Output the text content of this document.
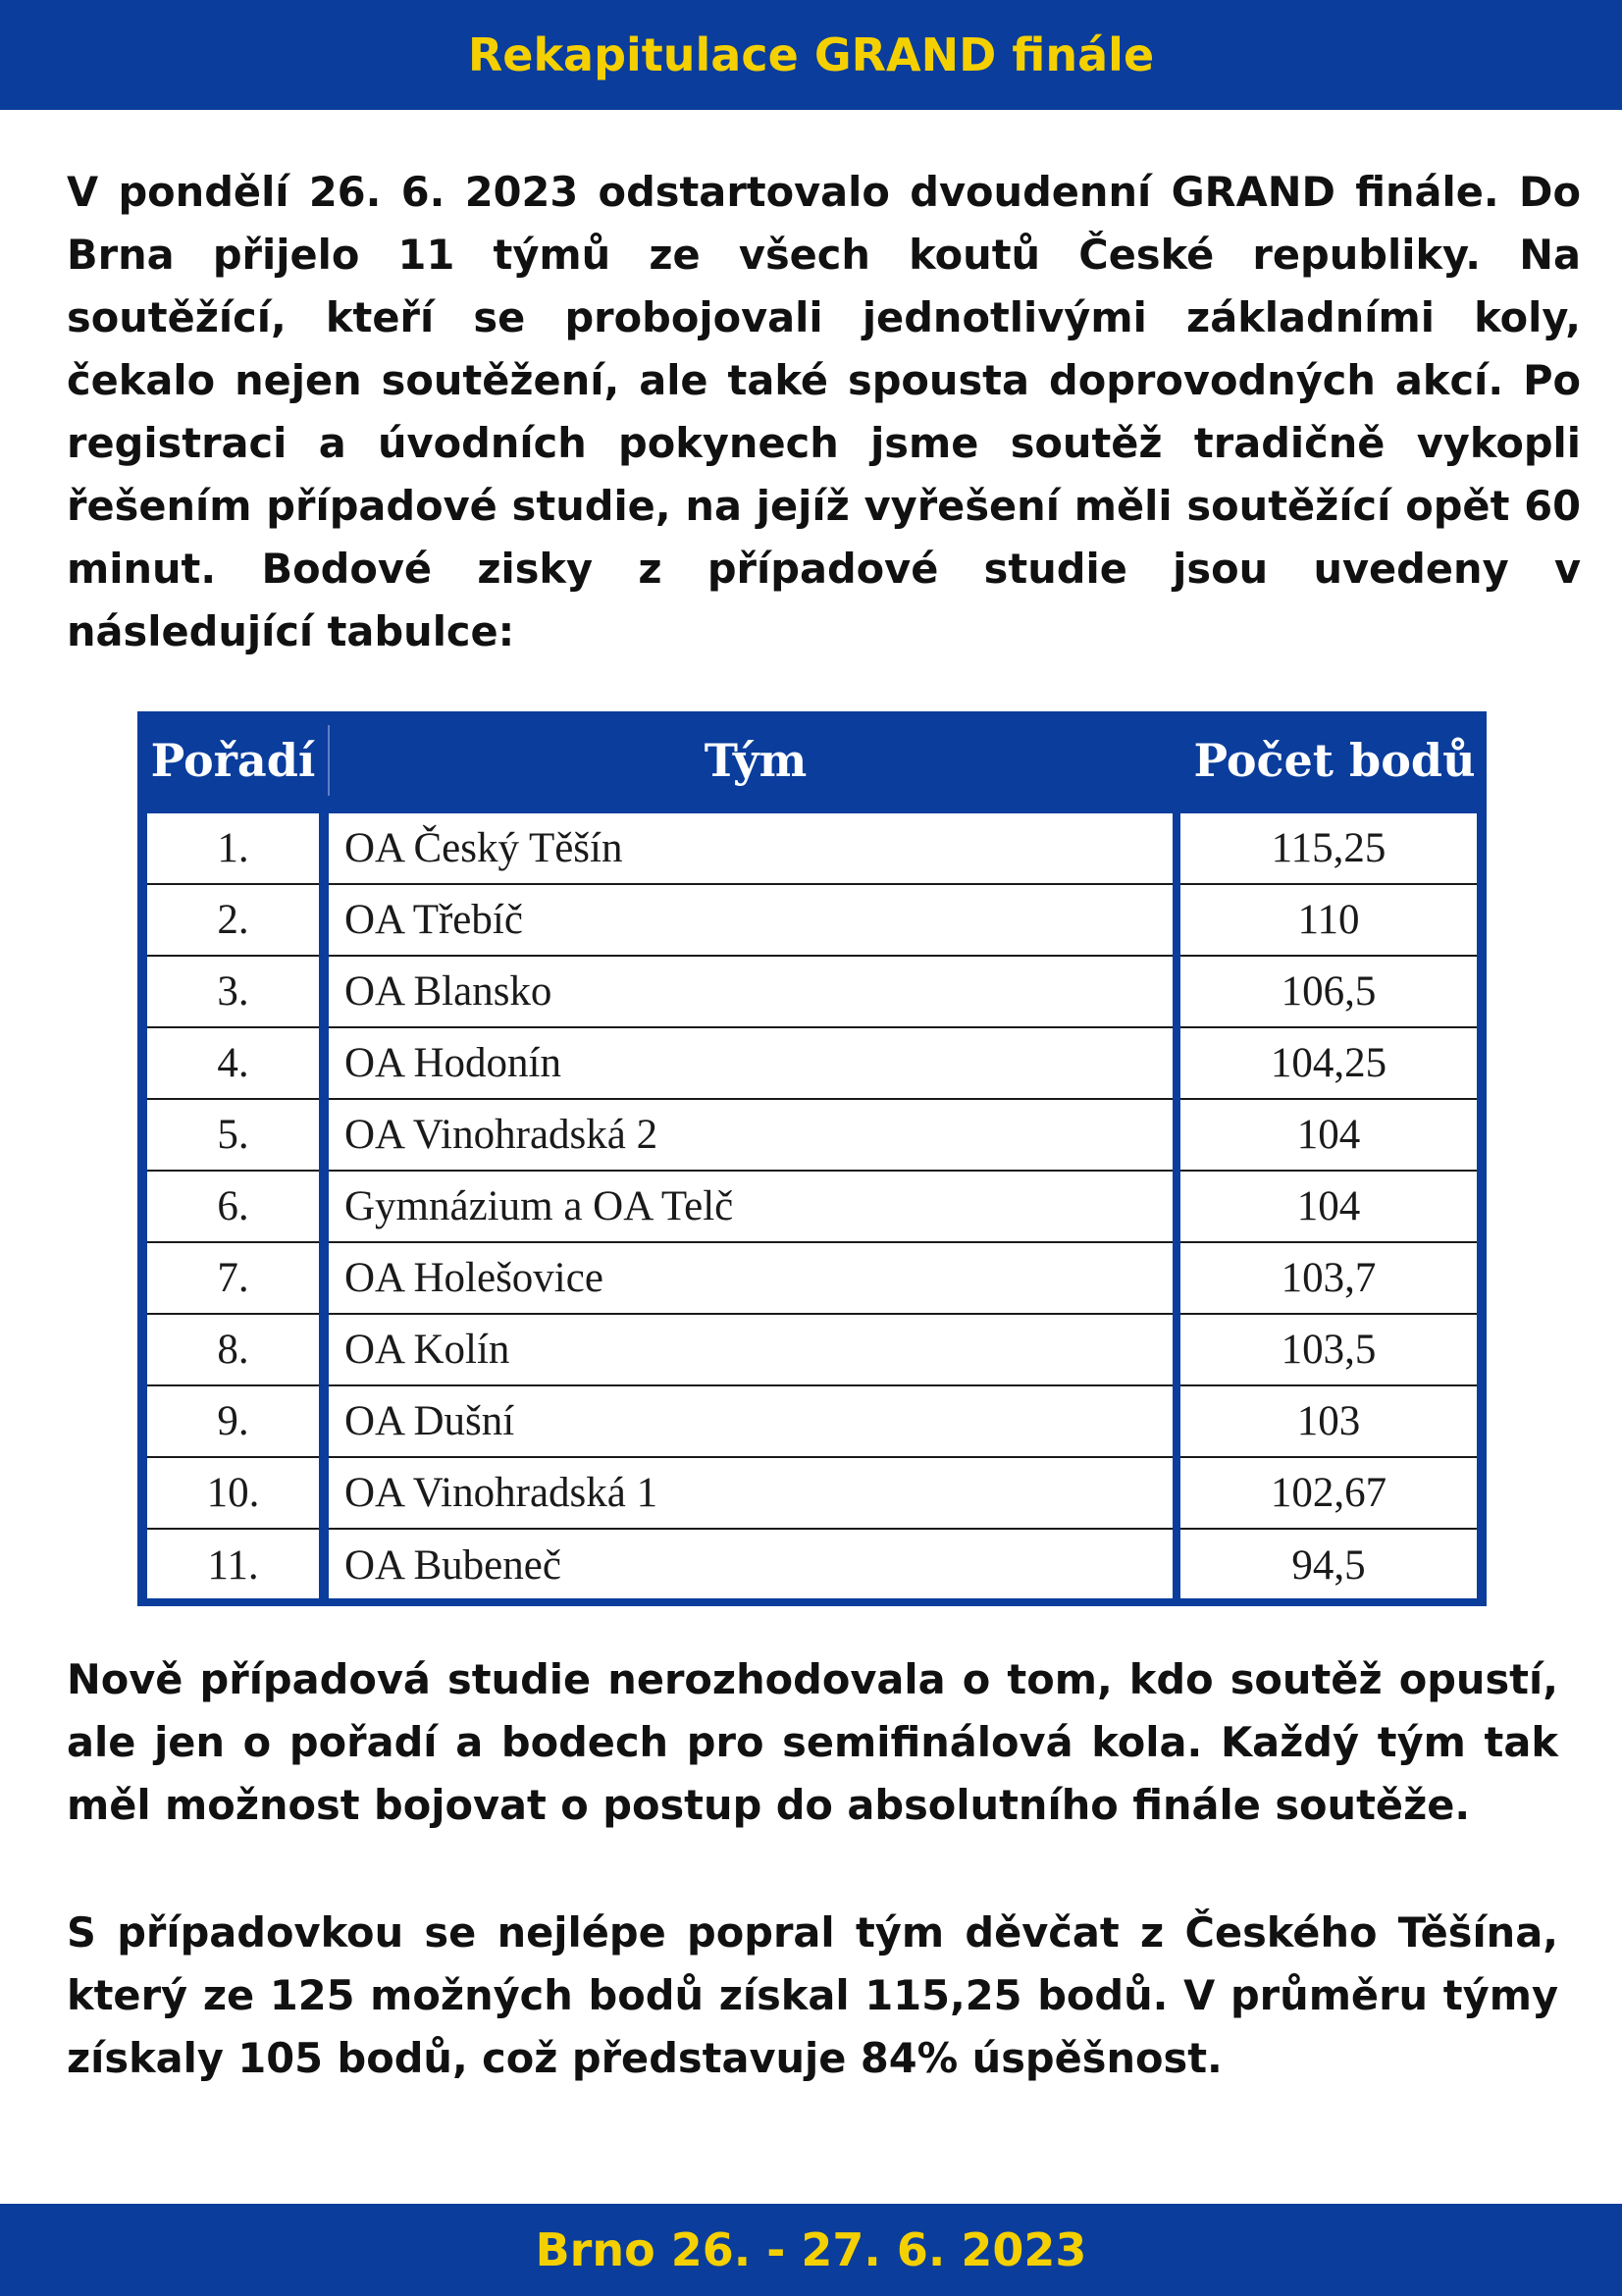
Rekapitulace GRAND finále

V pondělí 26. 6. 2023 odstartovalo dvoudenní GRAND finále. Do Brna přijelo 11 týmů ze všech koutů České republiky. Na soutěžící, kteří se probojovali jednotlivými základními koly, čekalo nejen soutěžení, ale také spousta doprovodných akcí. Po registraci a úvodních pokynech jsme soutěž tradičně vykopli řešením případové studie, na jejíž vyřešení měli soutěžící opět 60 minut. Bodové zisky z případové studie jsou uvedeny v následující tabulce:

Pořadí	Tým	Počet bodů
1.
2.
3.
4.
5.
6.
7.
8.
9.
10.
11.
OA Český Těšín
OA Třebíč
OA Blansko
OA Hodonín
OA Vinohradská 2
Gymnázium a OA Telč
OA Holešovice
OA Kolín
OA Dušní
OA Vinohradská 1
OA Bubeneč
115,25
110
106,5
104,25
104
104
103,7
103,5
103
102,67
94,5

Nově případová studie nerozhodovala o tom, kdo soutěž opustí, ale jen o pořadí a bodech pro semifinálová kola. Každý tým tak měl možnost bojovat o postup do absolutního finále soutěže.

S případovkou se nejlépe popral tým děvčat z Českého Těšína, který ze 125 možných bodů získal 115,25 bodů. V průměru týmy získaly 105 bodů, což představuje 84% úspěšnost.

Brno 26. - 27. 6. 2023
